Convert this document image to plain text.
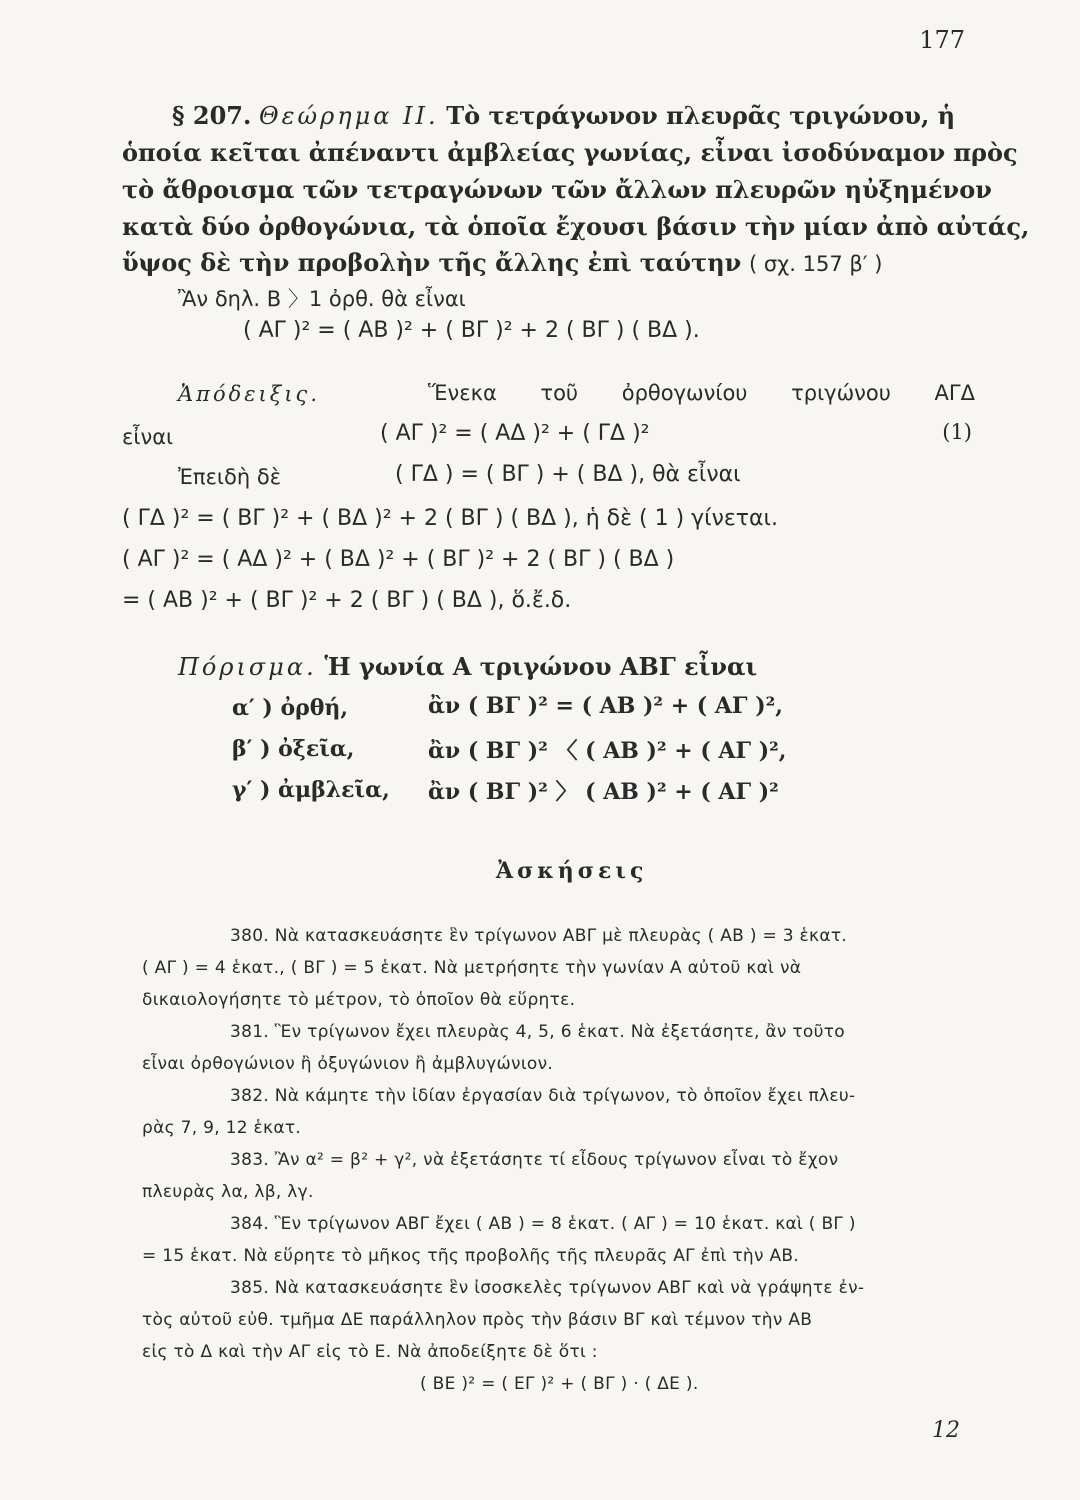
177
§ 207. Θεώρημα II. Τὸ τετράγωνον πλευρᾶς τριγώνου, ἡ
ὁποία κεῖται ἀπέναντι ἀμβλείας γωνίας, εἶναι ἰσοδύναμον πρὸς
τὸ ἄθροισμα τῶν τετραγώνων τῶν ἄλλων πλευρῶν ηὐξημένον
κατὰ δύο ὀρθογώνια, τὰ ὁποῖα ἔχουσι βάσιν τὴν μίαν ἀπὸ αὐτάς,
ὕψος δὲ τὴν προβολὴν τῆς ἄλλης ἐπὶ ταύτην ( σχ. 157 β′ )
Ἂν δηλ. Β 〉1 ὀρθ. θὰ εἶναι
( ΑΓ )² = ( ΑΒ )² + ( ΒΓ )² + 2 ( ΒΓ ) ( ΒΔ ).
Ἀπόδειξις.	Ἕνεκα τοῦ ὀρθογωνίου τριγώνου ΑΓΔ
εἶναι	( ΑΓ )² = ( ΑΔ )² + ( ΓΔ )²	(1)
Ἐπειδὴ δὲ	( ΓΔ ) = ( ΒΓ ) + ( ΒΔ ), θὰ εἶναι
( ΓΔ )² = ( ΒΓ )² + ( ΒΔ )² + 2 ( ΒΓ ) ( ΒΔ ), ἡ δὲ ( 1 ) γίνεται.
( ΑΓ )² = ( ΑΔ )² + ( ΒΔ )² + ( ΒΓ )² + 2 ( ΒΓ ) ( ΒΔ )
= ( ΑΒ )² + ( ΒΓ )² + 2 ( ΒΓ ) ( ΒΔ ), ὅ.ἔ.δ.
Πόρισμα. Ἡ γωνία Α τριγώνου ΑΒΓ εἶναι
α′ ) ὀρθή,	ἂν ( ΒΓ )² = ( ΑΒ )² + ( ΑΓ )²,
β′ ) ὀξεῖα,	ἂν ( ΒΓ )² 〈 ( ΑΒ )² + ( ΑΓ )²,
γ′ ) ἀμβλεῖα, ἂν ( ΒΓ )² 〉 ( ΑΒ )² + ( ΑΓ )²
Ἀσκήσεις
380. Νὰ κατασκευάσητε ἓν τρίγωνον ΑΒΓ μὲ πλευρὰς ( ΑΒ ) = 3 ἑκατ.
( ΑΓ ) = 4 ἑκατ., ( ΒΓ ) = 5 ἑκατ. Νὰ μετρήσητε τὴν γωνίαν Α αὐτοῦ καὶ νὰ
δικαιολογήσητε τὸ μέτρον, τὸ ὁποῖον θὰ εὕρητε.
381. Ἓν τρίγωνον ἔχει πλευρὰς 4, 5, 6 ἑκατ. Νὰ ἐξετάσητε, ἂν τοῦτο
εἶναι ὀρθογώνιον ἢ ὀξυγώνιον ἢ ἀμβλυγώνιον.
382. Νὰ κάμητε τὴν ἰδίαν ἐργασίαν διὰ τρίγωνον, τὸ ὁποῖον ἔχει πλευ-
ρὰς 7, 9, 12 ἑκατ.
383. Ἂν α² = β² + γ², νὰ ἐξετάσητε τί εἶδους τρίγωνον εἶναι τὸ ἔχον
πλευρὰς λα, λβ, λγ.
384. Ἓν τρίγωνον ΑΒΓ ἔχει ( ΑΒ ) = 8 ἑκατ. ( ΑΓ ) = 10 ἑκατ. καὶ ( ΒΓ )
= 15 ἑκατ. Νὰ εὕρητε τὸ μῆκος τῆς προβολῆς τῆς πλευρᾶς ΑΓ ἐπὶ τὴν ΑΒ.
385. Νὰ κατασκευάσητε ἓν ἰσοσκελὲς τρίγωνον ΑΒΓ καὶ νὰ γράψητε ἐν-
τὸς αὐτοῦ εὐθ. τμῆμα ΔΕ παράλληλον πρὸς τὴν βάσιν ΒΓ καὶ τέμνον τὴν ΑΒ
εἰς τὸ Δ καὶ τὴν ΑΓ εἰς τὸ Ε. Νὰ ἀποδείξητε δὲ ὅτι :
( ΒΕ )² = ( ΕΓ )² + ( ΒΓ ) · ( ΔΕ ).
12
